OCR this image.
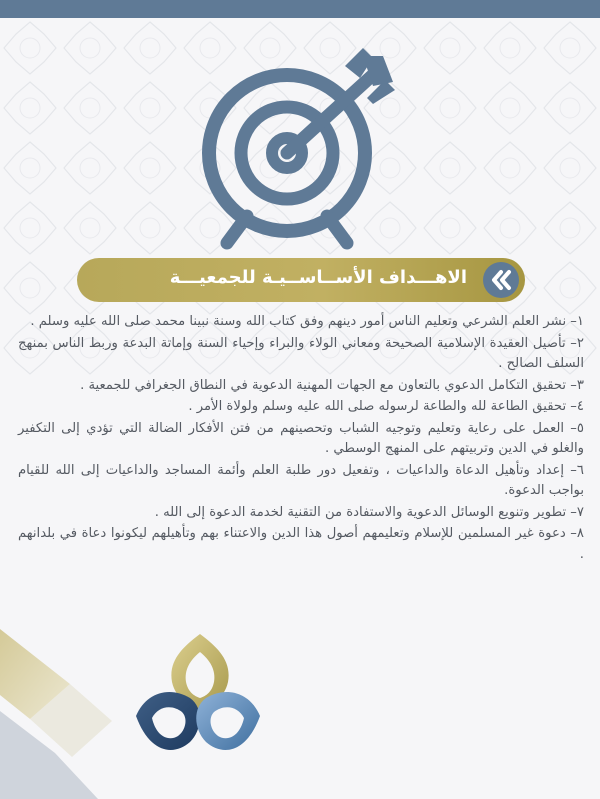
الاهـــداف الأســاســيـة للجمعيـــة

١– نشر العلم الشرعي وتعليم الناس أمور دينهم وفق كتاب الله وسنة نبينا محمد صلى الله عليه وسلم .

٢– تأصيل العقيدة الإسلامية الصحيحة ومعاني الولاء والبراء وإحياء السنة وإماتة البدعة وربط الناس بمنهج السلف الصالح .

٣– تحقيق التكامل الدعوي بالتعاون مع الجهات المهنية الدعوية في النطاق الجغرافي للجمعية .

٤– تحقيق الطاعة لله والطاعة لرسوله صلى الله عليه وسلم ولولاة الأمر .

٥– العمل على رعاية وتعليم وتوجيه الشباب وتحصينهم من فتن الأفكار الضالة التي تؤدي إلى التكفير والغلو في الدين وتربيتهم على المنهج الوسطي .

٦– إعداد وتأهيل الدعاة والداعيات ، وتفعيل دور طلبة العلم وأئمة المساجد والداعيات إلى الله للقيام بواجب الدعوة.

٧– تطوير وتنويع الوسائل الدعوية والاستفادة من التقنية لخدمة الدعوة إلى الله .

٨– دعوة غير المسلمين للإسلام وتعليمهم أصول هذا الدين والاعتناء بهم وتأهيلهم ليكونوا دعاة في بلدانهم .
